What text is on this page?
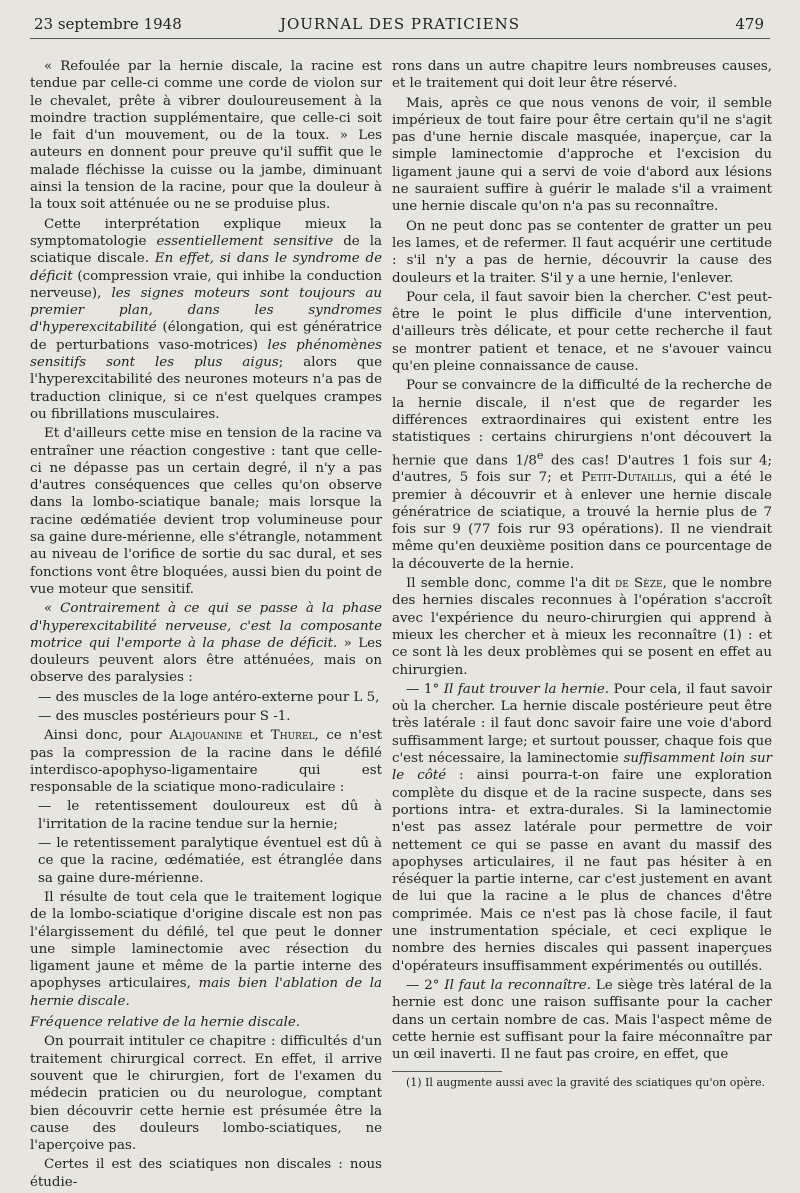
23 septembre 1948	JOURNAL DES PRATICIENS	479

« Refoulée par la hernie discale, la racine est tendue par celle-ci comme une corde de violon sur le chevalet, prête à vibrer douloureusement à la moindre traction supplémentaire, que celle-ci soit le fait d'un mouvement, ou de la toux. » Les auteurs en donnent pour preuve qu'il suffit que le malade fléchisse la cuisse ou la jambe, diminuant ainsi la tension de la racine, pour que la douleur à la toux soit atténuée ou ne se produise plus.

Cette interprétation explique mieux la symptomatologie essentiellement sensitive de la sciatique discale. En effet, si dans le syndrome de déficit (compression vraie, qui inhibe la conduction nerveuse), les signes moteurs sont toujours au premier plan, dans les syndromes d'hyperexcitabilité (élongation, qui est génératrice de perturbations vaso-motrices) les phénomènes sensitifs sont les plus aigus; alors que l'hyperexcitabilité des neurones moteurs n'a pas de traduction clinique, si ce n'est quelques crampes ou fibrillations musculaires.

Et d'ailleurs cette mise en tension de la racine va entraîner une réaction congestive : tant que celle-ci ne dépasse pas un certain degré, il n'y a pas d'autres conséquences que celles qu'on observe dans la lombo-sciatique banale; mais lorsque la racine œdématiée devient trop volumineuse pour sa gaine dure-mérienne, elle s'étrangle, notamment au niveau de l'orifice de sortie du sac dural, et ses fonctions vont être bloquées, aussi bien du point de vue moteur que sensitif.

« Contrairement à ce qui se passe à la phase d'hyperexcitabilité nerveuse, c'est la composante motrice qui l'emporte à la phase de déficit. » Les douleurs peuvent alors être atténuées, mais on observe des paralysies :

— des muscles de la loge antéro-externe pour L 5,

— des muscles postérieurs pour S -1.

Ainsi donc, pour Alajouanine et Thurel, ce n'est pas la compression de la racine dans le défilé interdisco-apophyso-ligamentaire qui est responsable de la sciatique mono-radiculaire :

— le retentissement douloureux est dû à l'irritation de la racine tendue sur la hernie;

— le retentissement paralytique éventuel est dû à ce que la racine, œdématiée, est étranglée dans sa gaine dure-mérienne.

Il résulte de tout cela que le traitement logique de la lombo-sciatique d'origine discale est non pas l'élargissement du défilé, tel que peut le donner une simple laminectomie avec résection du ligament jaune et même de la partie interne des apophyses articulaires, mais bien l'ablation de la hernie discale.

Fréquence relative de la hernie discale.

On pourrait intituler ce chapitre : difficultés d'un traitement chirurgical correct. En effet, il arrive souvent que le chirurgien, fort de l'examen du médecin praticien ou du neurologue, comptant bien découvrir cette hernie est présumée être la cause des douleurs lombo-sciatiques, ne l'aperçoive pas.

Certes il est des sciatiques non discales : nous étudie-

rons dans un autre chapitre leurs nombreuses causes, et le traitement qui doit leur être réservé.

Mais, après ce que nous venons de voir, il semble impérieux de tout faire pour être certain qu'il ne s'agit pas d'une hernie discale masquée, inaperçue, car la simple laminectomie d'approche et l'excision du ligament jaune qui a servi de voie d'abord aux lésions ne sauraient suffire à guérir le malade s'il a vraiment une hernie discale qu'on n'a pas su reconnaître.

On ne peut donc pas se contenter de gratter un peu les lames, et de refermer. Il faut acquérir une certitude : s'il n'y a pas de hernie, découvrir la cause des douleurs et la traiter. S'il y a une hernie, l'enlever.

Pour cela, il faut savoir bien la chercher. C'est peut-être le point le plus difficile d'une intervention, d'ailleurs très délicate, et pour cette recherche il faut se montrer patient et tenace, et ne s'avouer vaincu qu'en pleine connaissance de cause.

Pour se convaincre de la difficulté de la recherche de la hernie discale, il n'est que de regarder les différences extraordinaires qui existent entre les statistiques : certains chirurgiens n'ont découvert la hernie que dans 1/8e des cas! D'autres 1 fois sur 4; d'autres, 5 fois sur 7; et Petit-Dutaillis, qui a été le premier à découvrir et à enlever une hernie discale génératrice de sciatique, a trouvé la hernie plus de 7 fois sur 9 (77 fois rur 93 opérations). Il ne viendrait même qu'en deuxième position dans ce pourcentage de la découverte de la hernie.

Il semble donc, comme l'a dit de Sèze, que le nombre des hernies discales reconnues à l'opération s'accroît avec l'expérience du neuro-chirurgien qui apprend à mieux les chercher et à mieux les reconnaître (1) : et ce sont là les deux problèmes qui se posent en effet au chirurgien.

— 1° Il faut trouver la hernie. Pour cela, il faut savoir où la chercher. La hernie discale postérieure peut être très latérale : il faut donc savoir faire une voie d'abord suffisamment large; et surtout pousser, chaque fois que c'est nécessaire, la laminectomie suffisamment loin sur le côté : ainsi pourra-t-on faire une exploration complète du disque et de la racine suspecte, dans ses portions intra- et extra-durales. Si la laminectomie n'est pas assez latérale pour permettre de voir nettement ce qui se passe en avant du massif des apophyses articulaires, il ne faut pas hésiter à en réséquer la partie interne, car c'est justement en avant de lui que la racine a le plus de chances d'être comprimée. Mais ce n'est pas là chose facile, il faut une instrumentation spéciale, et ceci explique le nombre des hernies discales qui passent inaperçues d'opérateurs insuffisamment expérimentés ou outillés.

— 2° Il faut la reconnaître. Le siège très latéral de la hernie est donc une raison suffisante pour la cacher dans un certain nombre de cas. Mais l'aspect même de cette hernie est suffisant pour la faire méconnaître par un œil inaverti. Il ne faut pas croire, en effet, que

(1) Il augmente aussi avec la gravité des sciatiques qu'on opère.
